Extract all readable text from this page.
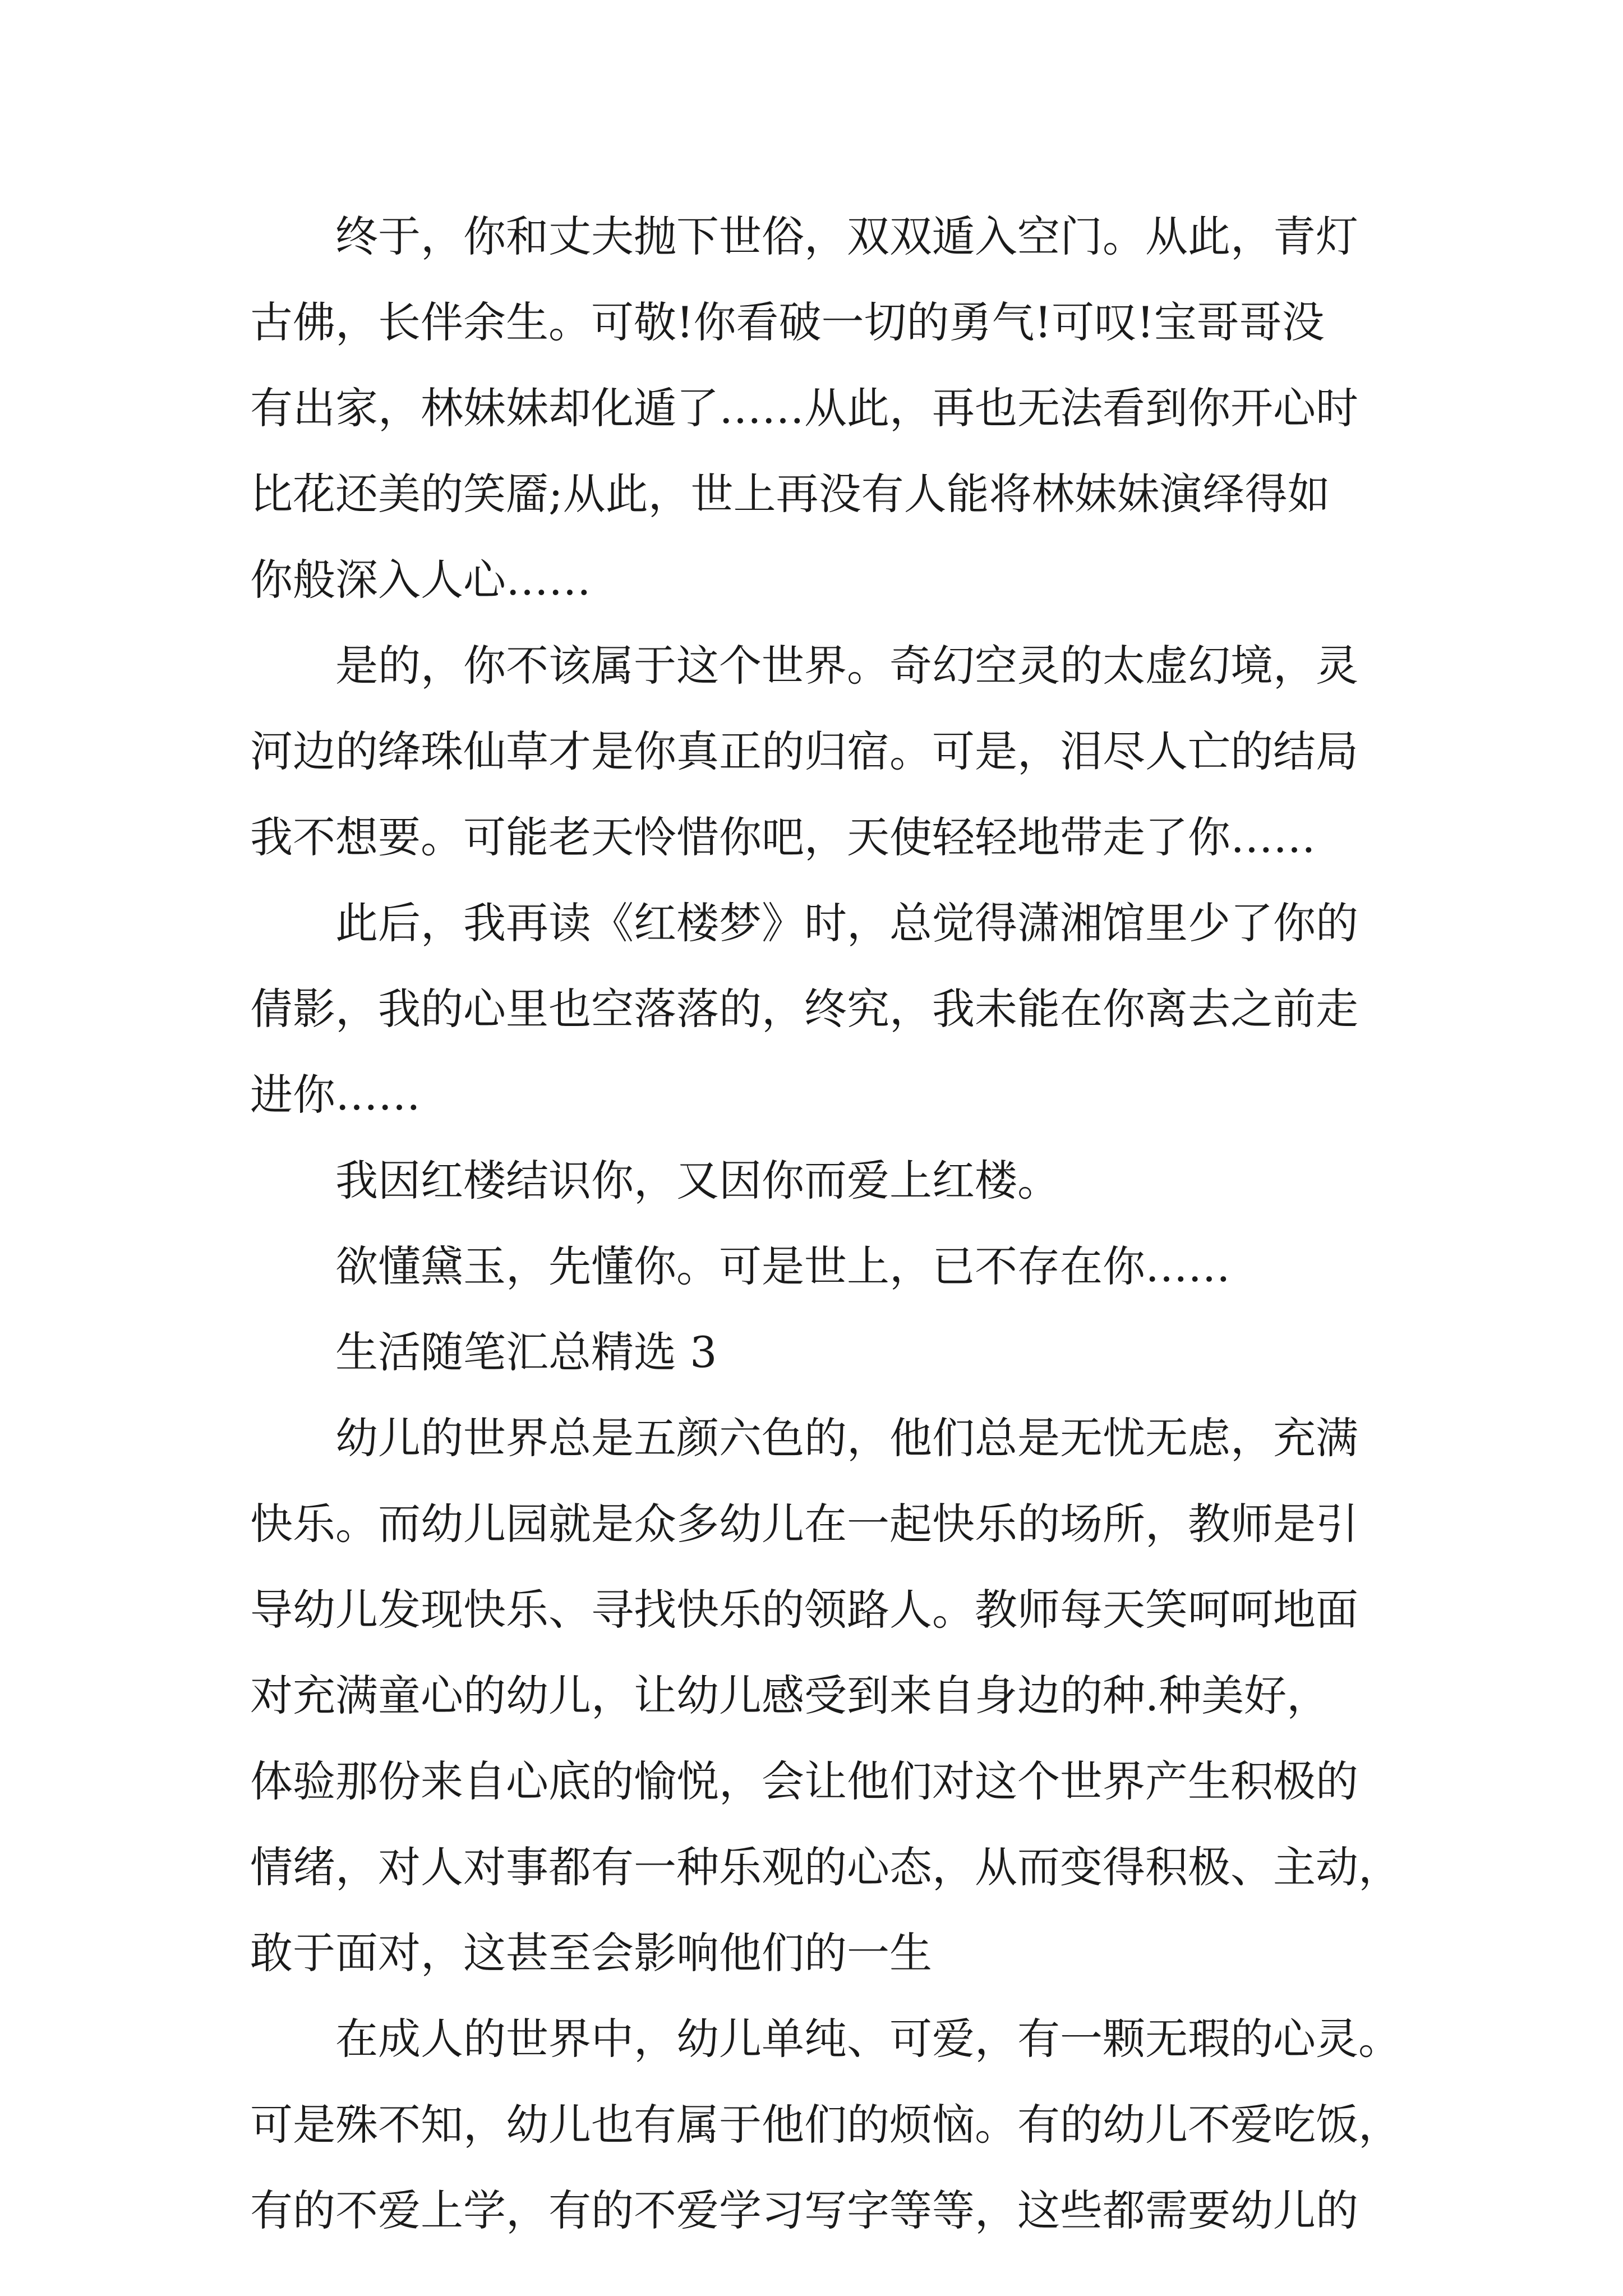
终于，你和丈夫抛下世俗，双双遁入空门。从此，青灯
古佛，长伴余生。可敬!你看破一切的勇气!可叹!宝哥哥没
有出家，林妹妹却化遁了……从此，再也无法看到你开心时
比花还美的笑靥;从此，世上再没有人能将林妹妹演绎得如
你般深入人心……
是的，你不该属于这个世界。奇幻空灵的太虚幻境，灵
河边的绛珠仙草才是你真正的归宿。可是，泪尽人亡的结局
我不想要。可能老天怜惜你吧，天使轻轻地带走了你……
此后，我再读《红楼梦》时，总觉得潇湘馆里少了你的
倩影，我的心里也空落落的，终究，我未能在你离去之前走
进你……
我因红楼结识你，又因你而爱上红楼。
欲懂黛玉，先懂你。可是世上，已不存在你……
生活随笔汇总精选 3
幼儿的世界总是五颜六色的，他们总是无忧无虑，充满
快乐。而幼儿园就是众多幼儿在一起快乐的场所，教师是引
导幼儿发现快乐、寻找快乐的领路人。教师每天笑呵呵地面
对充满童心的幼儿，让幼儿感受到来自身边的种.种美好，
体验那份来自心底的愉悦，会让他们对这个世界产生积极的
情绪，对人对事都有一种乐观的心态，从而变得积极、主动，
敢于面对，这甚至会影响他们的一生
在成人的世界中，幼儿单纯、可爱，有一颗无瑕的心灵。
可是殊不知，幼儿也有属于他们的烦恼。有的幼儿不爱吃饭，
有的不爱上学，有的不爱学习写字等等，这些都需要幼儿的
